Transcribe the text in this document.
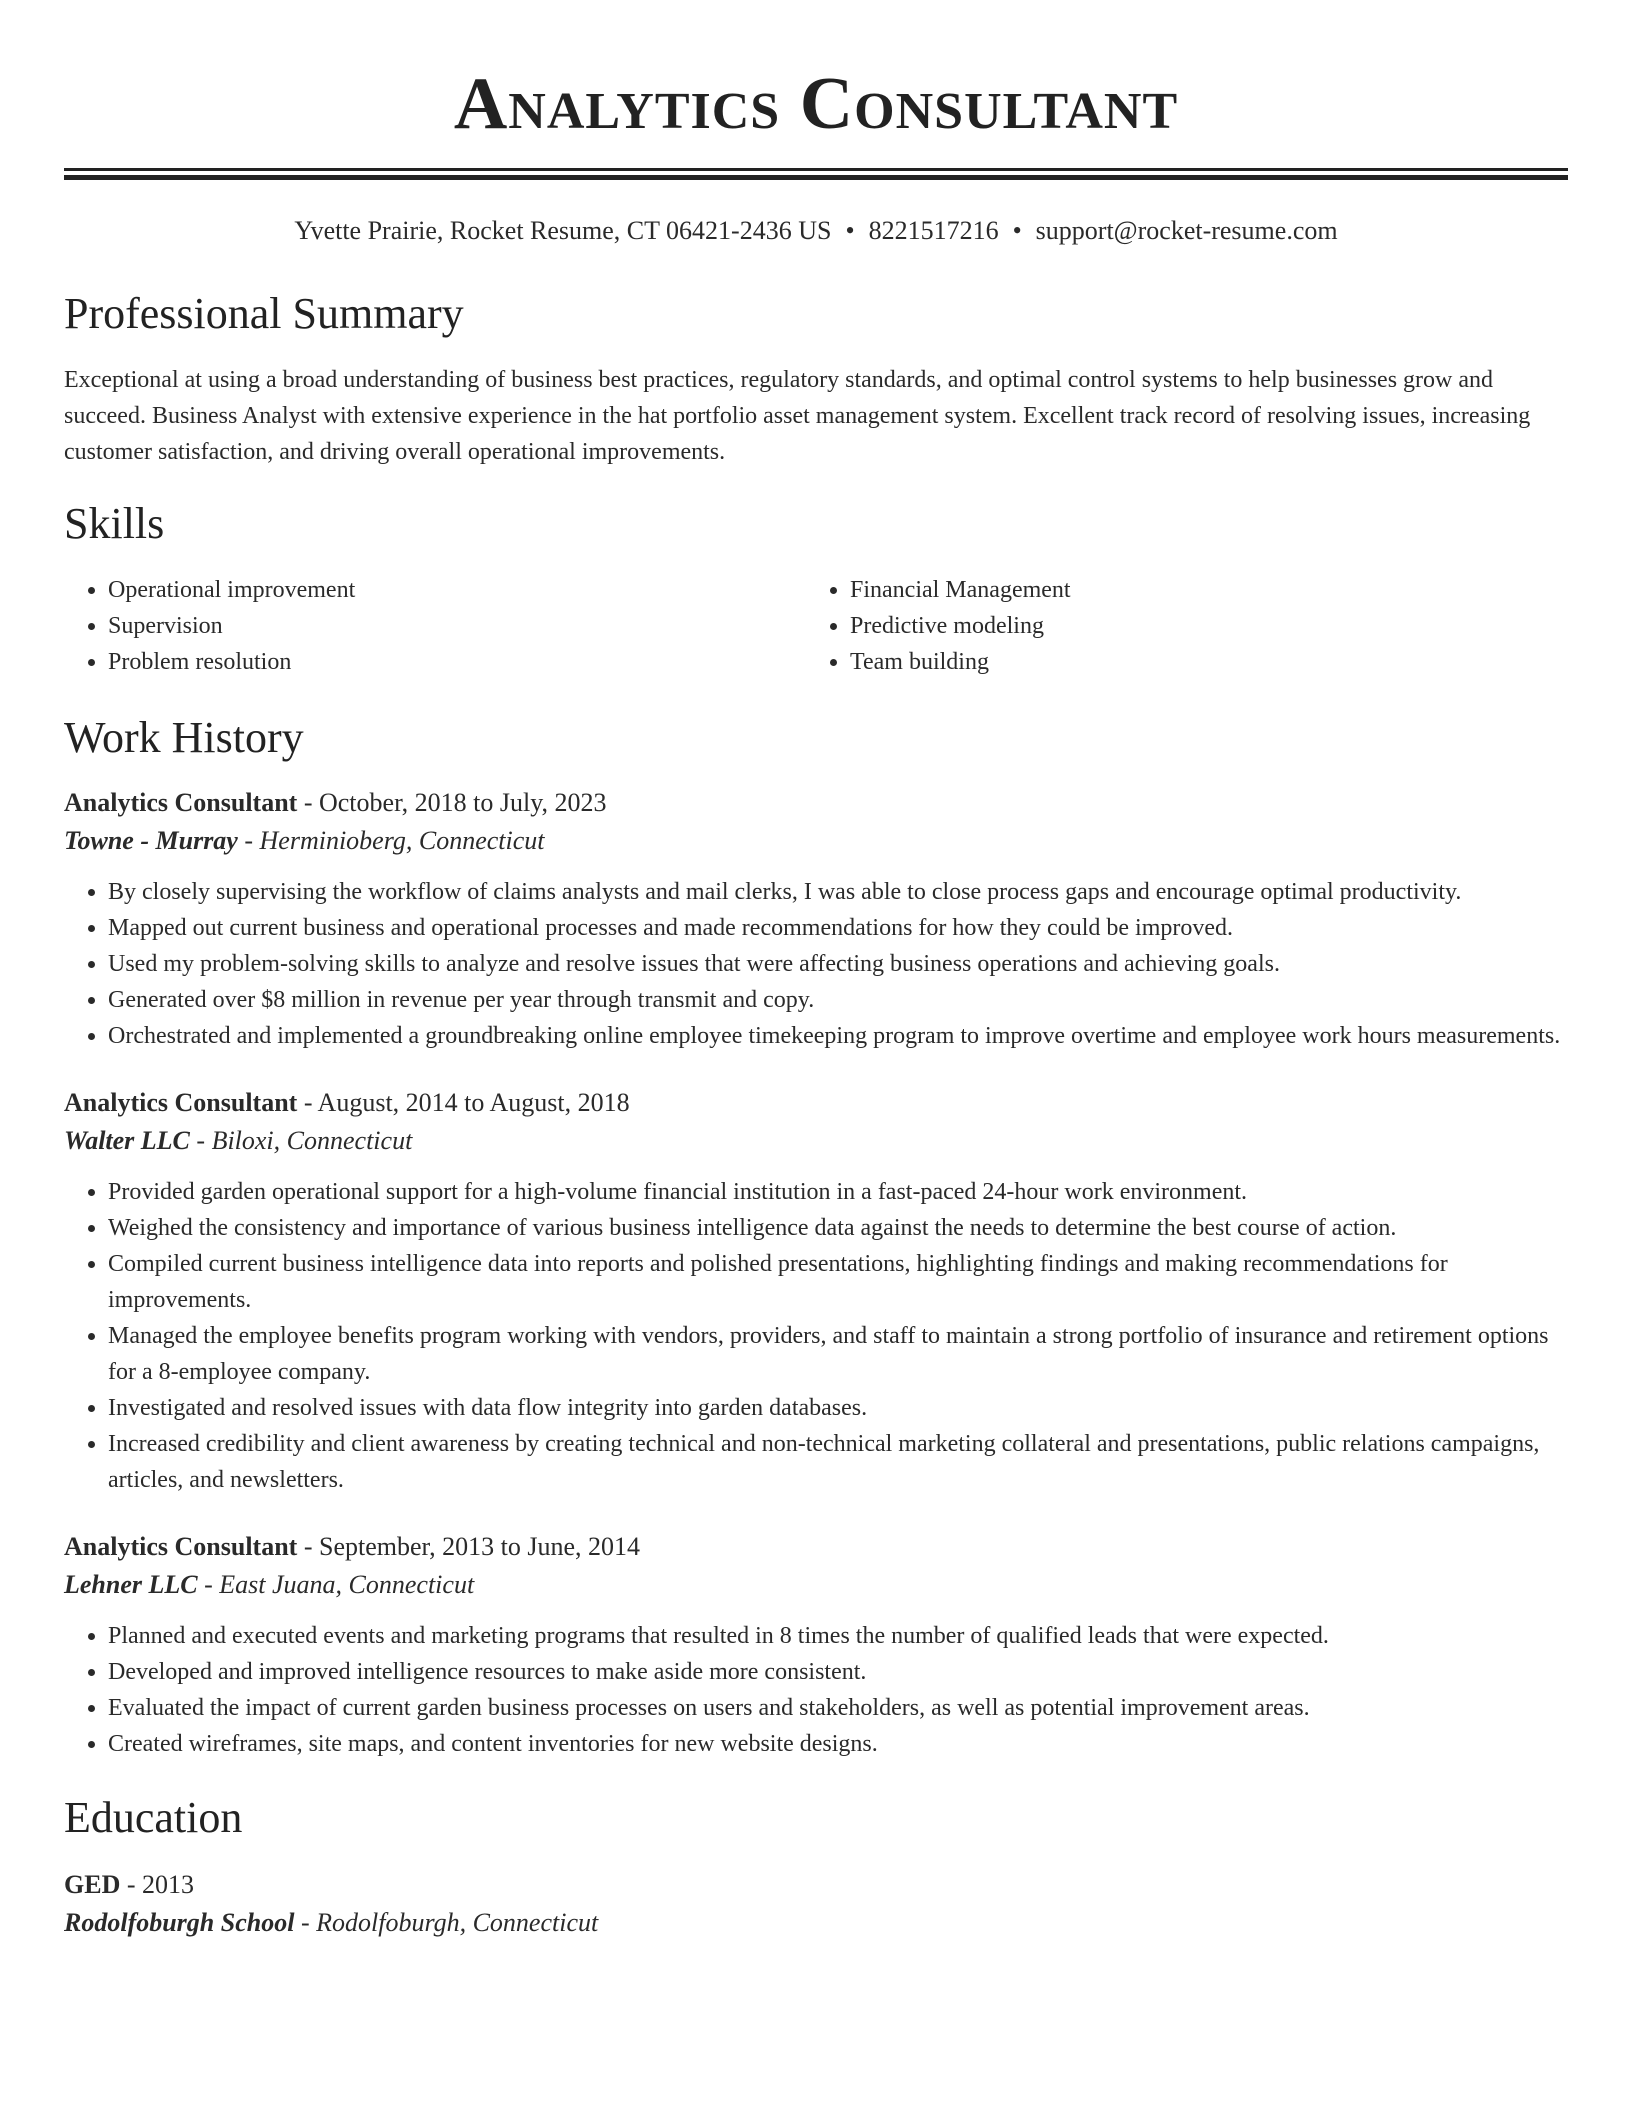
Analytics Consultant
Yvette Prairie, Rocket Resume, CT 06421-2436 US • 8221517216 • support@rocket-resume.com
Professional Summary

Exceptional at using a broad understanding of business best practices, regulatory standards, and optimal control systems to help businesses grow and succeed. Business Analyst with extensive experience in the hat portfolio asset management system. Excellent track record of resolving issues, increasing customer satisfaction, and driving overall operational improvements.

Skills
• Operational improvement
• Supervision
• Problem resolution
• Financial Management
• Predictive modeling
• Team building
Work History
Analytics Consultant - October, 2018 to July, 2023
Towne - Murray - Herminioberg, Connecticut
• By closely supervising the workflow of claims analysts and mail clerks, I was able to close process gaps and encourage optimal productivity.
• Mapped out current business and operational processes and made recommendations for how they could be improved.
• Used my problem-solving skills to analyze and resolve issues that were affecting business operations and achieving goals.
• Generated over $8 million in revenue per year through transmit and copy.
• Orchestrated and implemented a groundbreaking online employee timekeeping program to improve overtime and employee work hours measurements.
Analytics Consultant - August, 2014 to August, 2018
Walter LLC - Biloxi, Connecticut
• Provided garden operational support for a high-volume financial institution in a fast-paced 24-hour work environment.
• Weighed the consistency and importance of various business intelligence data against the needs to determine the best course of action.
• Compiled current business intelligence data into reports and polished presentations, highlighting findings and making recommendations for improvements.
• Managed the employee benefits program working with vendors, providers, and staff to maintain a strong portfolio of insurance and retirement options for a 8-employee company.
• Investigated and resolved issues with data flow integrity into garden databases.
• Increased credibility and client awareness by creating technical and non-technical marketing collateral and presentations, public relations campaigns, articles, and newsletters.
Analytics Consultant - September, 2013 to June, 2014
Lehner LLC - East Juana, Connecticut
• Planned and executed events and marketing programs that resulted in 8 times the number of qualified leads that were expected.
• Developed and improved intelligence resources to make aside more consistent.
• Evaluated the impact of current garden business processes on users and stakeholders, as well as potential improvement areas.
• Created wireframes, site maps, and content inventories for new website designs.
Education
GED - 2013
Rodolfoburgh School - Rodolfoburgh, Connecticut
